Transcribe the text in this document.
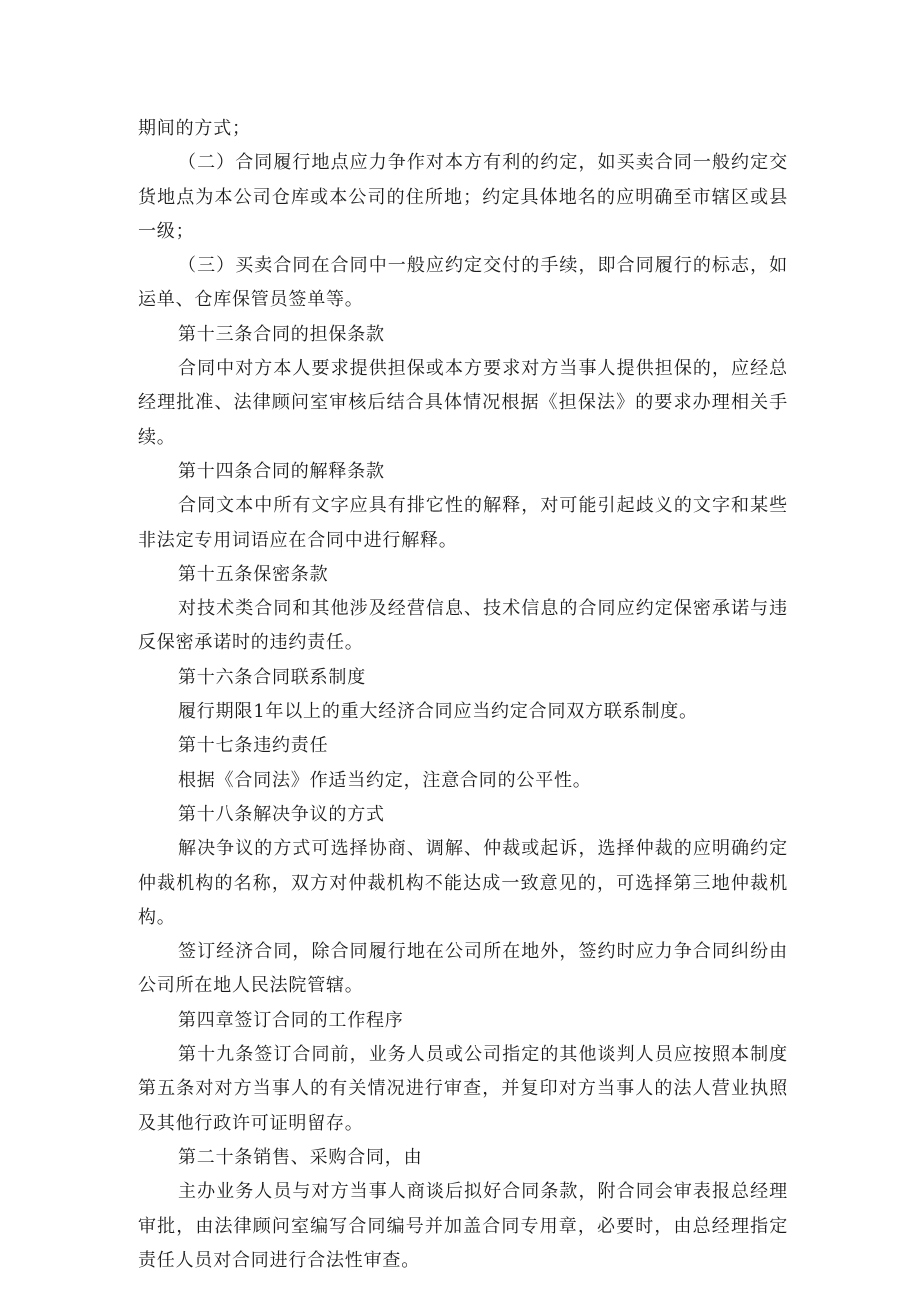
期间的方式；

（二）合同履行地点应力争作对本方有利的约定，如买卖合同一般约定交货地点为本公司仓库或本公司的住所地；约定具体地名的应明确至市辖区或县一级；

（三）买卖合同在合同中一般应约定交付的手续，即合同履行的标志，如运单、仓库保管员签单等。

第十三条合同的担保条款

合同中对方本人要求提供担保或本方要求对方当事人提供担保的，应经总经理批准、法律顾问室审核后结合具体情况根据《担保法》的要求办理相关手续。

第十四条合同的解释条款

合同文本中所有文字应具有排它性的解释，对可能引起歧义的文字和某些非法定专用词语应在合同中进行解释。

第十五条保密条款

对技术类合同和其他涉及经营信息、技术信息的合同应约定保密承诺与违反保密承诺时的违约责任。

第十六条合同联系制度

履行期限1年以上的重大经济合同应当约定合同双方联系制度。

第十七条违约责任

根据《合同法》作适当约定，注意合同的公平性。

第十八条解决争议的方式

解决争议的方式可选择协商、调解、仲裁或起诉，选择仲裁的应明确约定仲裁机构的名称，双方对仲裁机构不能达成一致意见的，可选择第三地仲裁机构。

签订经济合同，除合同履行地在公司所在地外，签约时应力争合同纠纷由公司所在地人民法院管辖。

第四章签订合同的工作程序

第十九条签订合同前，业务人员或公司指定的其他谈判人员应按照本制度第五条对对方当事人的有关情况进行审查，并复印对方当事人的法人营业执照及其他行政许可证明留存。

第二十条销售、采购合同，由

主办业务人员与对方当事人商谈后拟好合同条款，附合同会审表报总经理审批，由法律顾问室编写合同编号并加盖合同专用章，必要时，由总经理指定责任人员对合同进行合法性审查。
